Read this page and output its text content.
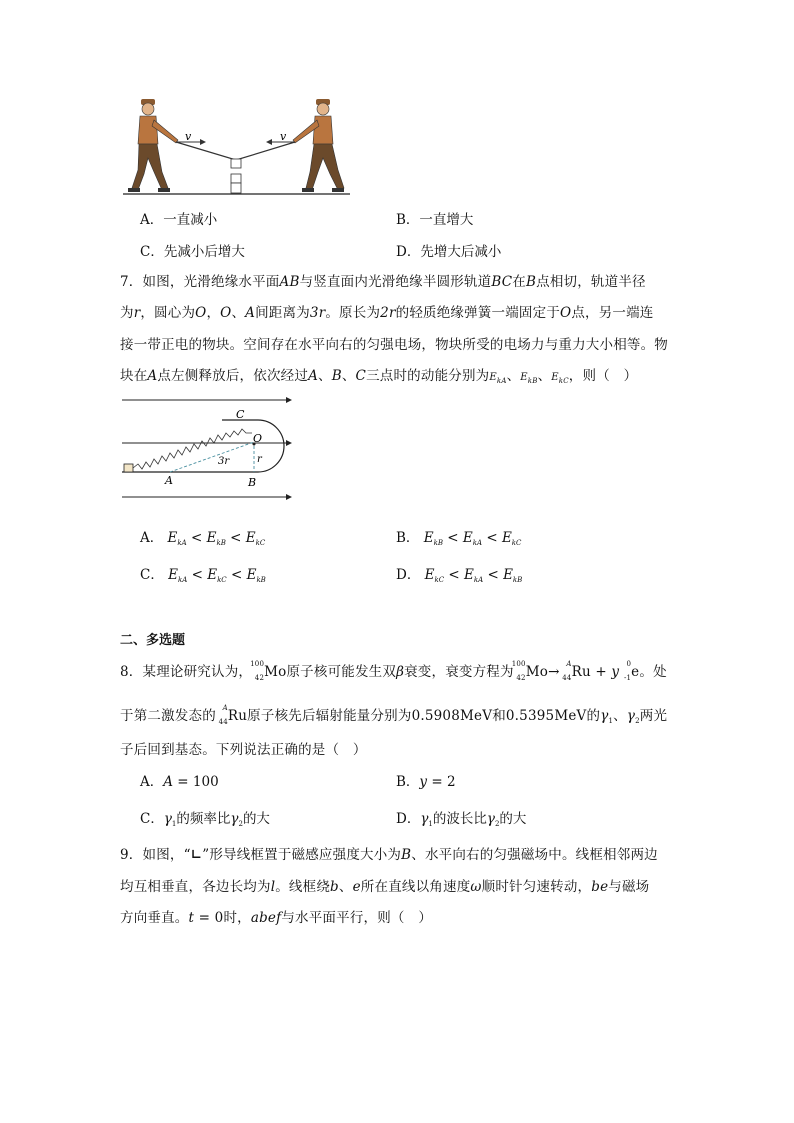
v	v
A．一直减小	B．一直增大
C．先减小后增大	D．先增大后减小
7．如图，光滑绝缘水平面AB与竖直面内光滑绝缘半圆形轨道BC在B点相切，轨道半径
为r，圆心为O，O、A间距离为3r。原长为2r的轻质绝缘弹簧一端固定于O点，另一端连
接一带正电的物块。空间存在水平向右的匀强电场，物块所受的电场力与重力大小相等。物
块在A点左侧释放后，依次经过A、B、C三点时的动能分别为$E_{kA}$、$E_{kB}$、$E_{kC}$，则（　）
C
O
3r	r
A	B
A． $E_{kA} < E_{kB} < E_{kC}$	B． $E_{kB} < E_{kA} < E_{kC}$
C． $E_{kA} < E_{kC} < E_{kB}$	D． $E_{kC} < E_{kA} < E_{kB}$
二、多选题
8．某理论研究认为，
100
42 Mo原子核可能发生双β衰变，衰变方程为
100
42 Mo→ A
44 Ru + y 0
-1 e。处
于第二激发态的 A
44 Ru原子核先后辐射能量分别为0.5908MeV和0.5395MeV的$\gamma_1$、$\gamma_2$两光
子后回到基态。下列说法正确的是（　）
A．A = 100	B．y = 2
C．$\gamma_1$的频率比$\gamma_2$的大	D．$\gamma_1$的波长比$\gamma_2$的大
9．如图，“∟”形导线框置于磁感应强度大小为B、水平向右的匀强磁场中。线框相邻两边
均互相垂直，各边长均为l。线框绕b、e所在直线以角速度ω顺时针匀速转动，be与磁场
方向垂直。t = 0时，abef与水平面平行，则（　）
